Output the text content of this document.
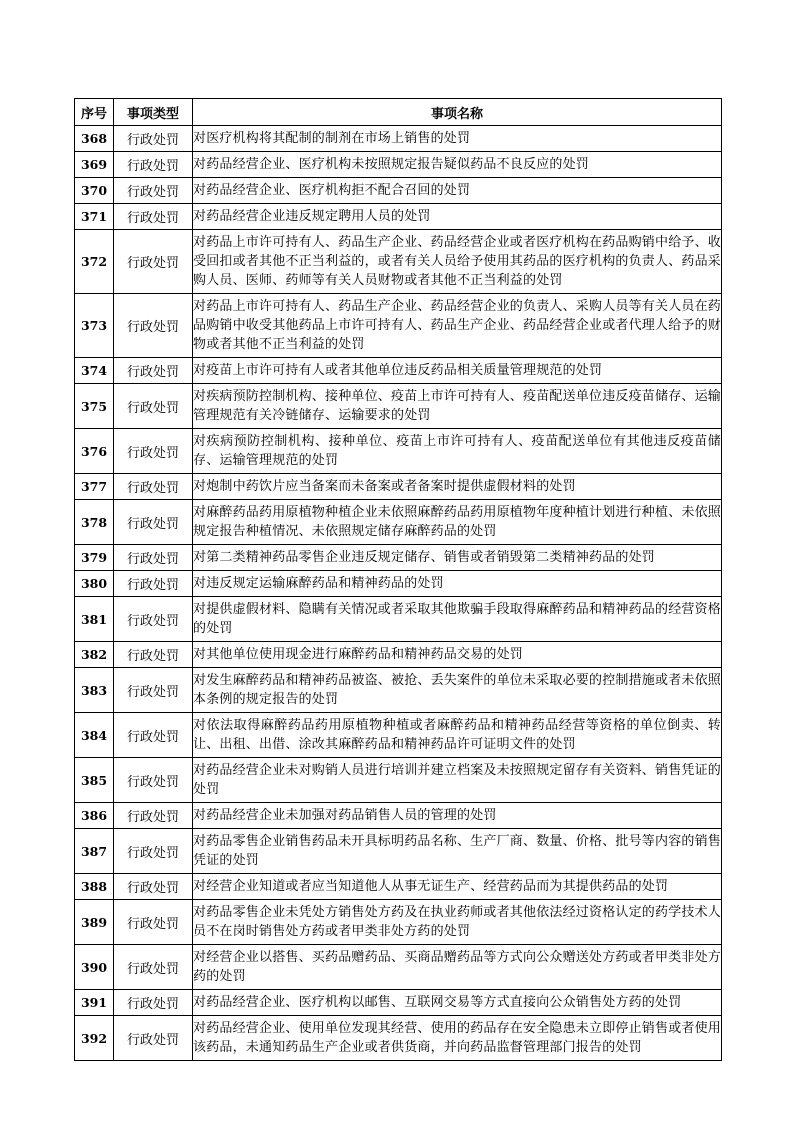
序号	事项类型	事项名称
368	行政处罚	对医疗机构将其配制的制剂在市场上销售的处罚
369	行政处罚	对药品经营企业、医疗机构未按照规定报告疑似药品不良反应的处罚
370	行政处罚	对药品经营企业、医疗机构拒不配合召回的处罚
371	行政处罚	对药品经营企业违反规定聘用人员的处罚
372	行政处罚	对药品上市许可持有人、药品生产企业、药品经营企业或者医疗机构在药品购销中给予、收受回扣或者其他不正当利益的，或者有关人员给予使用其药品的医疗机构的负责人、药品采购人员、医师、药师等有关人员财物或者其他不正当利益的处罚
373	行政处罚	对药品上市许可持有人、药品生产企业、药品经营企业的负责人、采购人员等有关人员在药品购销中收受其他药品上市许可持有人、药品生产企业、药品经营企业或者代理人给予的财物或者其他不正当利益的处罚
374	行政处罚	对疫苗上市许可持有人或者其他单位违反药品相关质量管理规范的处罚
375	行政处罚	对疾病预防控制机构、接种单位、疫苗上市许可持有人、疫苗配送单位违反疫苗储存、运输管理规范有关冷链储存、运输要求的处罚
376	行政处罚	对疾病预防控制机构、接种单位、疫苗上市许可持有人、疫苗配送单位有其他违反疫苗储存、运输管理规范的处罚
377	行政处罚	对炮制中药饮片应当备案而未备案或者备案时提供虚假材料的处罚
378	行政处罚	对麻醉药品药用原植物种植企业未依照麻醉药品药用原植物年度种植计划进行种植、未依照规定报告种植情况、未依照规定储存麻醉药品的处罚
379	行政处罚	对第二类精神药品零售企业违反规定储存、销售或者销毁第二类精神药品的处罚
380	行政处罚	对违反规定运输麻醉药品和精神药品的处罚
381	行政处罚	对提供虚假材料、隐瞒有关情况或者采取其他欺骗手段取得麻醉药品和精神药品的经营资格的处罚
382	行政处罚	对其他单位使用现金进行麻醉药品和精神药品交易的处罚
383	行政处罚	对发生麻醉药品和精神药品被盗、被抢、丢失案件的单位未采取必要的控制措施或者未依照本条例的规定报告的处罚
384	行政处罚	对依法取得麻醉药品药用原植物种植或者麻醉药品和精神药品经营等资格的单位倒卖、转让、出租、出借、涂改其麻醉药品和精神药品许可证明文件的处罚
385	行政处罚	对药品经营企业未对购销人员进行培训并建立档案及未按照规定留存有关资料、销售凭证的处罚
386	行政处罚	对药品经营企业未加强对药品销售人员的管理的处罚
387	行政处罚	对药品零售企业销售药品未开具标明药品名称、生产厂商、数量、价格、批号等内容的销售凭证的处罚
388	行政处罚	对经营企业知道或者应当知道他人从事无证生产、经营药品而为其提供药品的处罚
389	行政处罚	对药品零售企业未凭处方销售处方药及在执业药师或者其他依法经过资格认定的药学技术人员不在岗时销售处方药或者甲类非处方药的处罚
390	行政处罚	对经营企业以搭售、买药品赠药品、买商品赠药品等方式向公众赠送处方药或者甲类非处方药的处罚
391	行政处罚	对药品经营企业、医疗机构以邮售、互联网交易等方式直接向公众销售处方药的处罚
392	行政处罚	对药品经营企业、使用单位发现其经营、使用的药品存在安全隐患未立即停止销售或者使用该药品，未通知药品生产企业或者供货商，并向药品监督管理部门报告的处罚
